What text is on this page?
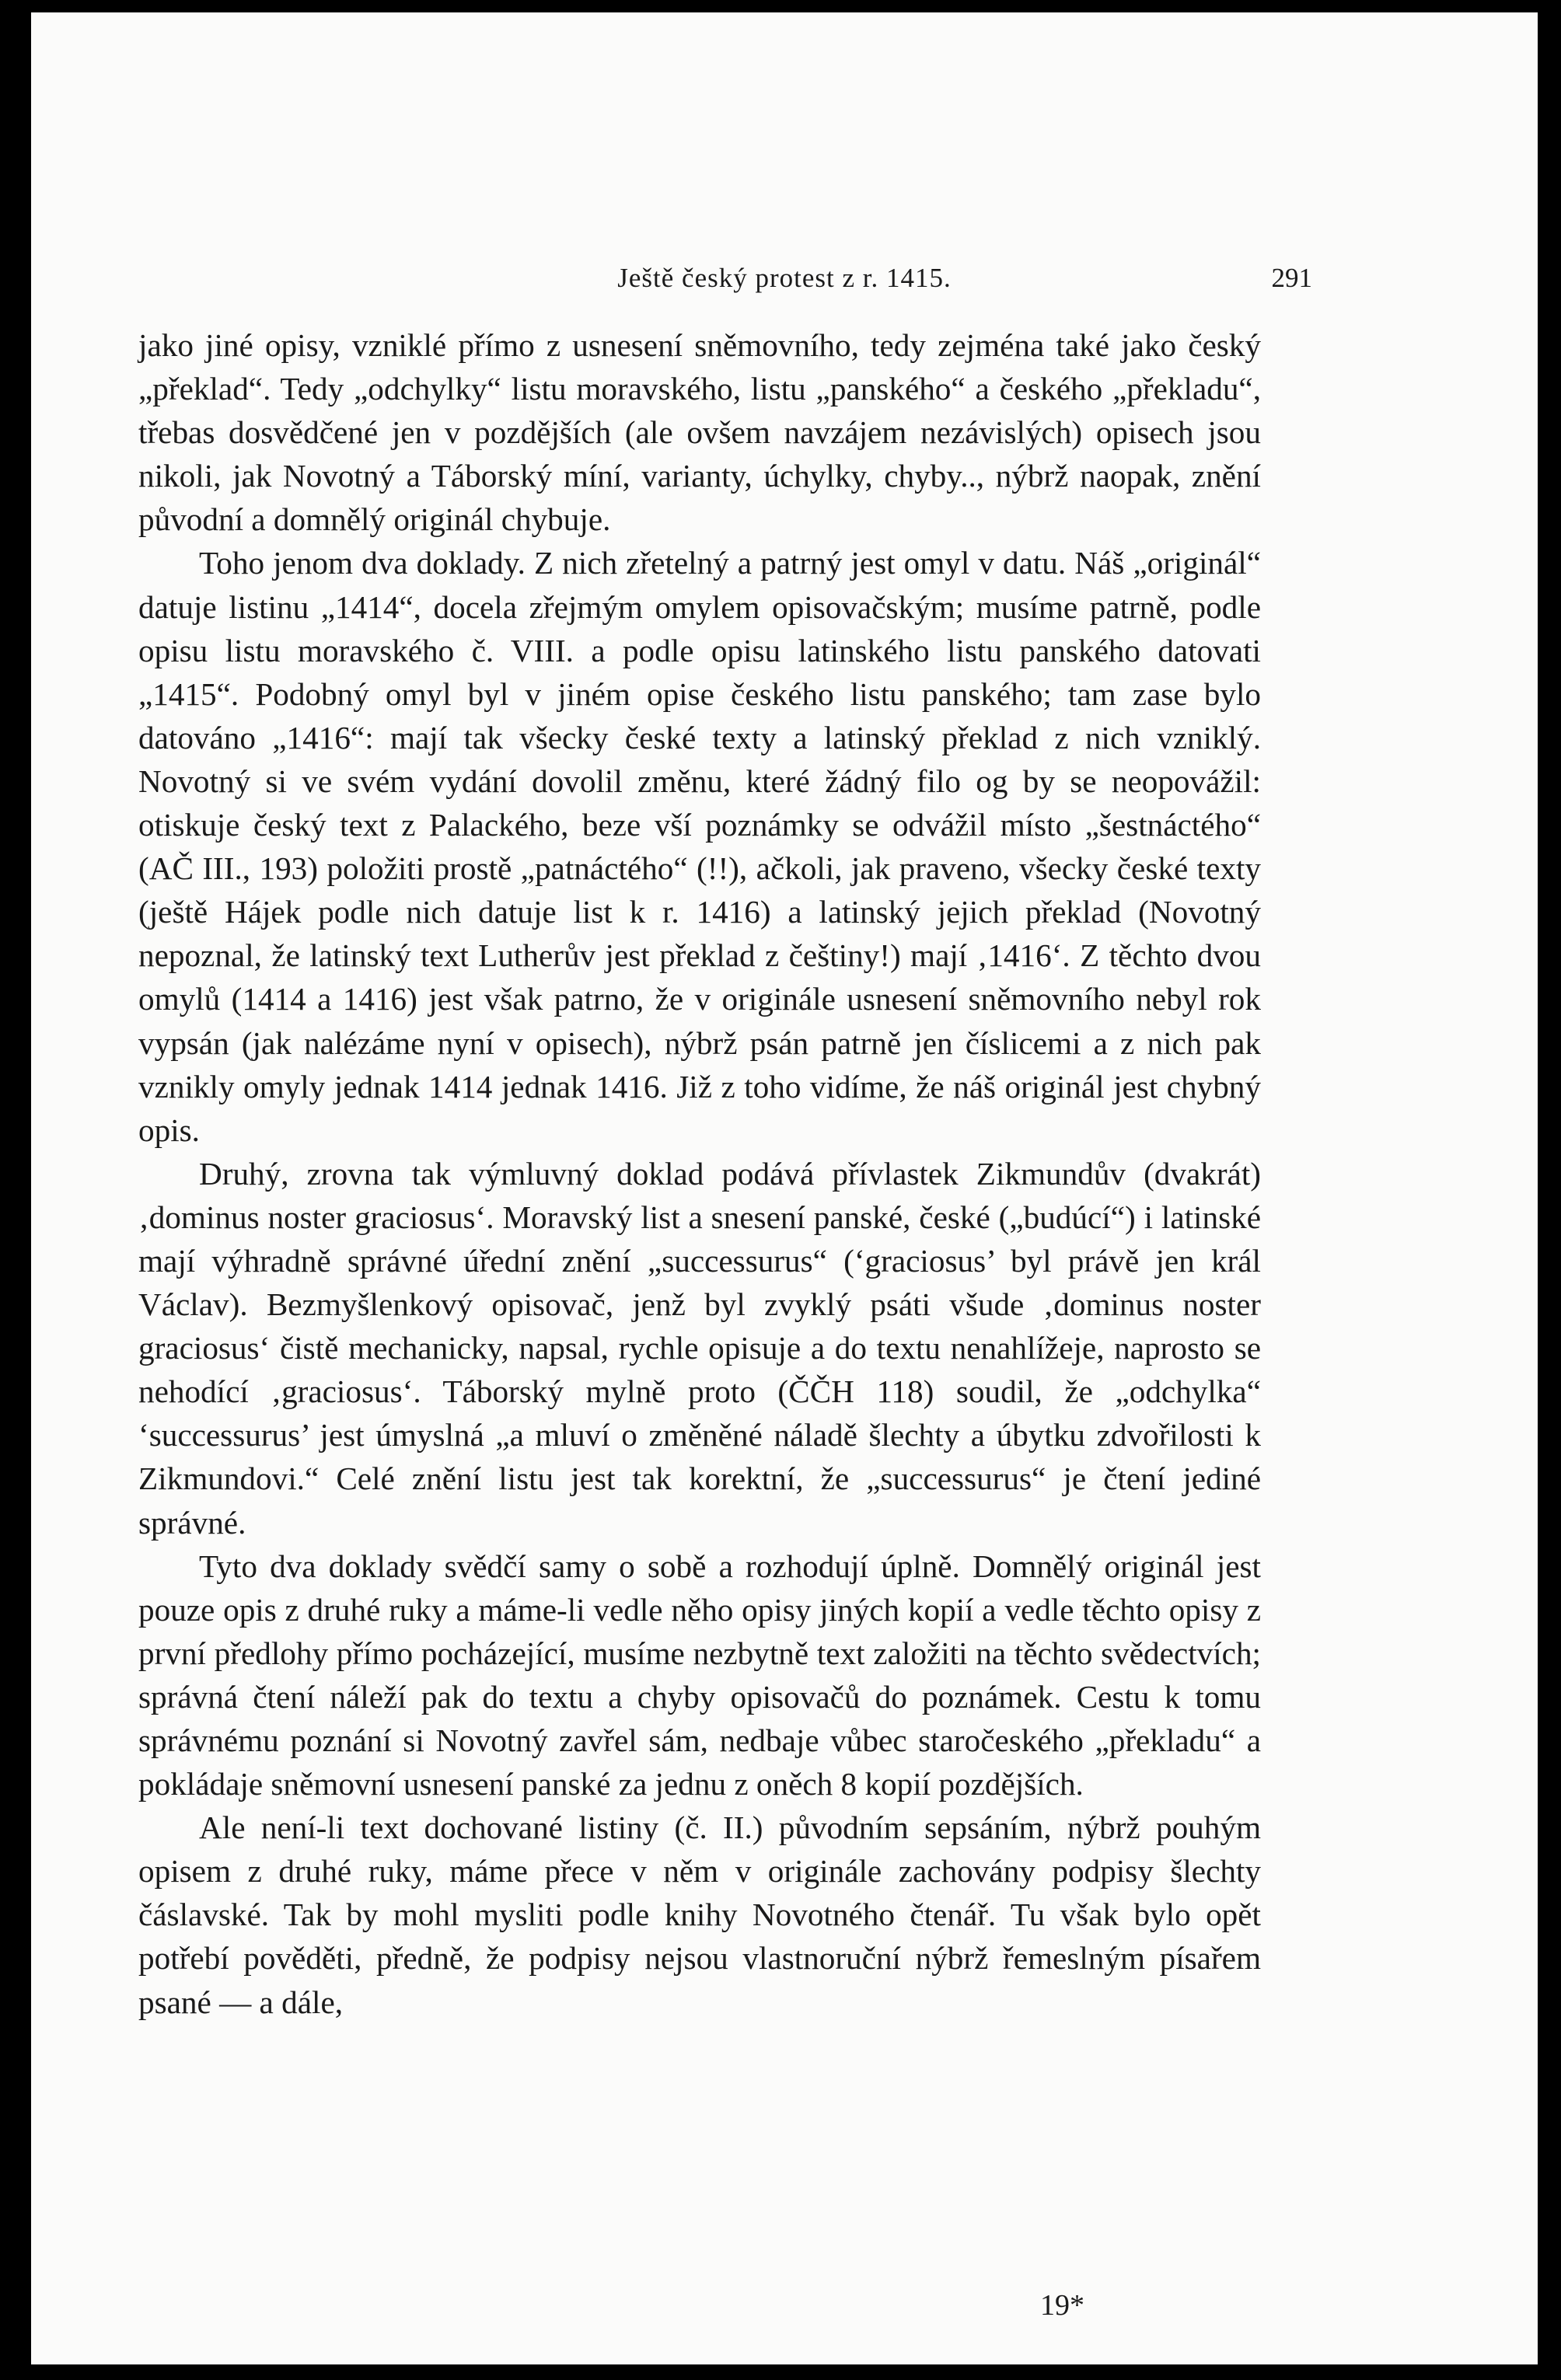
Ještě český protest z r. 1415.	291

jako jiné opisy, vzniklé přímo z usnesení sněmovního, tedy zejména také jako český „překlad“. Tedy „odchylky“ listu moravského, listu „panského“ a českého „překladu“, třebas dosvědčené jen v pozdějších (ale ovšem navzájem nezávislých) opisech jsou nikoli, jak Novotný a Táborský míní, varianty, úchylky, chyby.., nýbrž naopak, znění původní a domnělý originál chybuje.

Toho jenom dva doklady. Z nich zřetelný a patrný jest omyl v datu. Náš „originál“ datuje listinu „1414“, docela zřejmým omylem opisovačským; musíme patrně, podle opisu listu moravského č. VIII. a podle opisu latinského listu panského datovati „1415“. Podobný omyl byl v jiném opise českého listu panského; tam zase bylo datováno „1416“: mají tak všecky české texty a latinský překlad z nich vzniklý. Novotný si ve svém vydání dovolil změnu, které žádný filo og by se neopovážil: otiskuje český text z Palackého, beze vší poznámky se odvážil místo „šestnáctého“ (AČ III., 193) položiti prostě „patnáctého“ (!!), ačkoli, jak praveno, všecky české texty (ještě Hájek podle nich datuje list k r. 1416) a latinský jejich překlad (Novotný nepoznal, že latinský text Lutherův jest překlad z češtiny!) mají ‚1416‘. Z těchto dvou omylů (1414 a 1416) jest však patrno, že v originále usnesení sněmovního nebyl rok vypsán (jak nalézáme nyní v opisech), nýbrž psán patrně jen číslicemi a z nich pak vznikly omyly jednak 1414 jednak 1416. Již z toho vidíme, že náš originál jest chybný opis.

Druhý, zrovna tak výmluvný doklad podává přívlastek Zikmundův (dvakrát) ‚dominus noster graciosus‘. Moravský list a snesení panské, české („budúcí“) i latinské mají výhradně správné úřední znění „successurus“ (‘graciosus’ byl právě jen král Václav). Bezmyšlenkový opisovač, jenž byl zvyklý psáti všude ‚dominus noster graciosus‘ čistě mechanicky, napsal, rychle opisuje a do textu nenahlížeje, naprosto se nehodící ‚graciosus‘. Táborský mylně proto (ČČH 118) soudil, že „odchylka“ ‘successurus’ jest úmyslná „a mluví o změněné náladě šlechty a úbytku zdvořilosti k Zikmundovi.“ Celé znění listu jest tak korektní, že „successurus“ je čtení jediné správné.

Tyto dva doklady svědčí samy o sobě a rozhodují úplně. Domnělý originál jest pouze opis z druhé ruky a máme-li vedle něho opisy jiných kopií a vedle těchto opisy z první předlohy přímo pocházející, musíme nezbytně text založiti na těchto svědectvích; správná čtení náleží pak do textu a chyby opisovačů do poznámek. Cestu k tomu správnému poznání si Novotný zavřel sám, nedbaje vůbec staročeského „překladu“ a pokládaje sněmovní usnesení panské za jednu z oněch 8 kopií pozdějších.

Ale není-li text dochované listiny (č. II.) původním sepsáním, nýbrž pouhým opisem z druhé ruky, máme přece v něm v originále zachovány podpisy šlechty čáslavské. Tak by mohl mysliti podle knihy Novotného čtenář. Tu však bylo opět potřebí pověděti, předně, že podpisy nejsou vlastnoruční nýbrž řemeslným písařem psané — a dále,

19*
